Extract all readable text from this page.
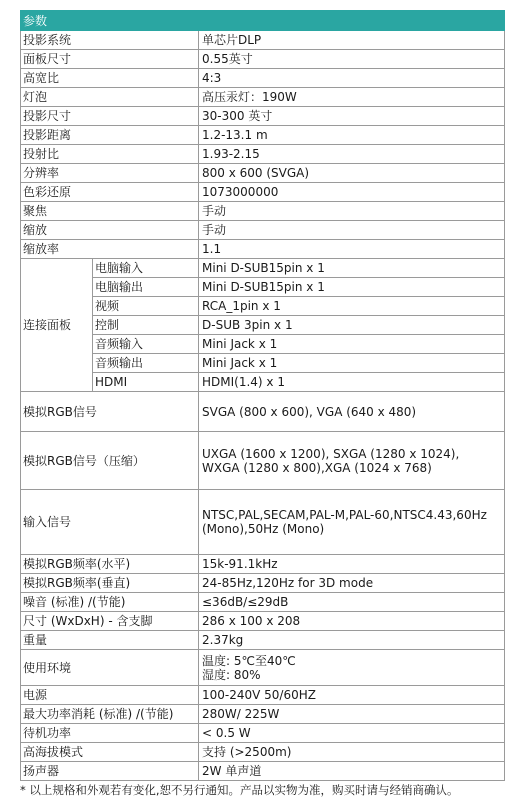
参数		
投影系统		单芯片DLP
面板尺寸		0.55英寸
高宽比		4:3
灯泡		高压汞灯：190W
投影尺寸		30-300 英寸
投影距离		1.2-13.1 m
投射比		1.93-2.15
分辨率		800 x 600 (SVGA)
色彩还原		1073000000
聚焦		手动
缩放		手动
缩放率		1.1
连接面板	电脑输入	Mini D-SUB15pin x 1
	电脑输出	Mini D-SUB15pin x 1
	视频	RCA_1pin x 1
	控制	D-SUB 3pin x 1
	音频输入	Mini Jack x 1
	音频输出	Mini Jack x 1
	HDMI	HDMI(1.4) x 1
模拟RGB信号		SVGA (800 x 600), VGA (640 x 480)
模拟RGB信号（压缩）		UXGA (1600 x 1200), SXGA (1280 x 1024),
WXGA (1280 x 800),XGA (1024 x 768)

输入信号		NTSC,PAL,SECAM,PAL-M,PAL-60,NTSC4.43,60Hz
(Mono),50Hz (Mono)

模拟RGB频率(水平)		15k-91.1kHz
模拟RGB频率(垂直)		24-85Hz,120Hz for 3D mode
噪音 (标准) /(节能)		≤36dB/≤29dB
尺寸 (WxDxH) - 含支脚		286 x 100 x 208
重量		2.37kg
使用环境		温度: 5℃至40℃
湿度: 80%

电源		100-240V 50/60HZ
最大功率消耗 (标准) /(节能)		280W/ 225W
待机功率		< 0.5 W
高海拔模式		支持 (>2500m)
扬声器		2W 单声道
* 以上规格和外观若有变化,恕不另行通知。产品以实物为准，购买时请与经销商确认。
